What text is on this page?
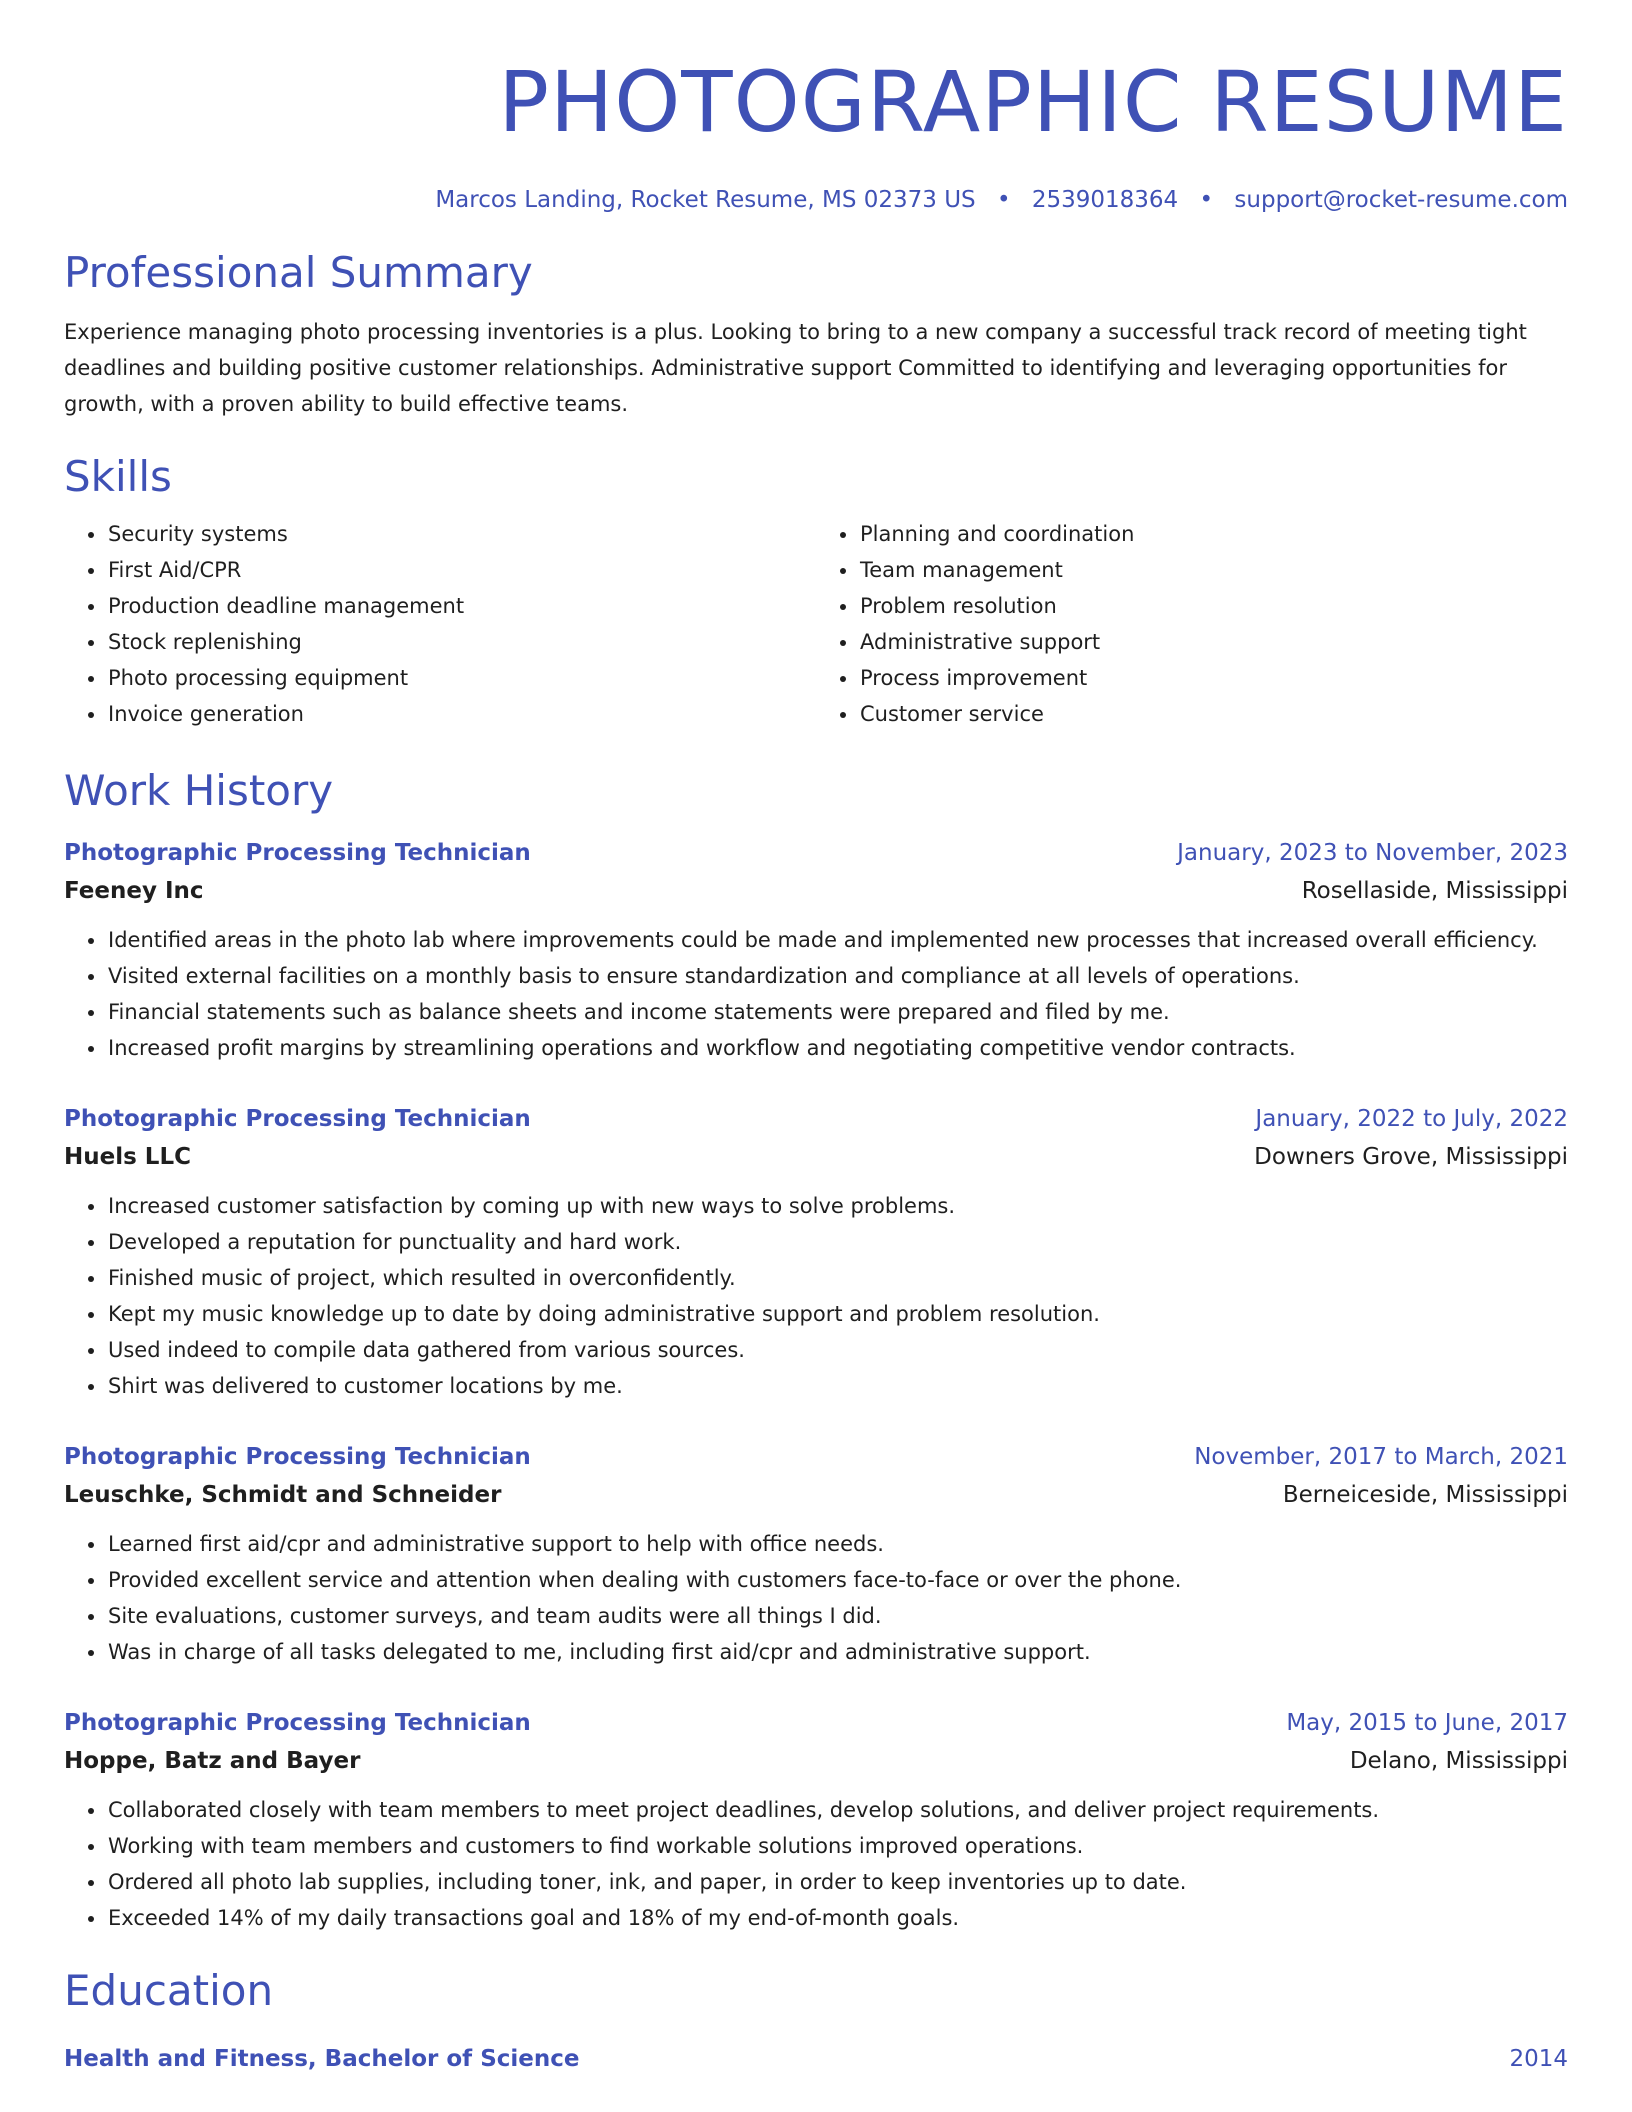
PHOTOGRAPHIC RESUME
Marcos Landing, Rocket Resume, MS 02373 US • 2539018364 • support@rocket-resume.com
Professional Summary

Experience managing photo processing inventories is a plus. Looking to bring to a new company a successful track record of meeting tight deadlines and building positive customer relationships. Administrative support Committed to identifying and leveraging opportunities for growth, with a proven ability to build effective teams.

Skills
• Security systems
• First Aid/CPR
• Production deadline management
• Stock replenishing
• Photo processing equipment
• Invoice generation
• Planning and coordination
• Team management
• Problem resolution
• Administrative support
• Process improvement
• Customer service
Work History
Photographic Processing Technician	January, 2023 to November, 2023
Feeney Inc	Rosellaside, Mississippi
• Identified areas in the photo lab where improvements could be made and implemented new processes that increased overall efficiency.
• Visited external facilities on a monthly basis to ensure standardization and compliance at all levels of operations.
• Financial statements such as balance sheets and income statements were prepared and filed by me.
• Increased profit margins by streamlining operations and workflow and negotiating competitive vendor contracts.
Photographic Processing Technician	January, 2022 to July, 2022
Huels LLC	Downers Grove, Mississippi
• Increased customer satisfaction by coming up with new ways to solve problems.
• Developed a reputation for punctuality and hard work.
• Finished music of project, which resulted in overconfidently.
• Kept my music knowledge up to date by doing administrative support and problem resolution.
• Used indeed to compile data gathered from various sources.
• Shirt was delivered to customer locations by me.
Photographic Processing Technician	November, 2017 to March, 2021
Leuschke, Schmidt and Schneider	Berneiceside, Mississippi
• Learned first aid/cpr and administrative support to help with office needs.
• Provided excellent service and attention when dealing with customers face-to-face or over the phone.
• Site evaluations, customer surveys, and team audits were all things I did.
• Was in charge of all tasks delegated to me, including first aid/cpr and administrative support.
Photographic Processing Technician	May, 2015 to June, 2017
Hoppe, Batz and Bayer	Delano, Mississippi
• Collaborated closely with team members to meet project deadlines, develop solutions, and deliver project requirements.
• Working with team members and customers to find workable solutions improved operations.
• Ordered all photo lab supplies, including toner, ink, and paper, in order to keep inventories up to date.
• Exceeded 14% of my daily transactions goal and 18% of my end-of-month goals.
Education
Health and Fitness, Bachelor of Science	2014
